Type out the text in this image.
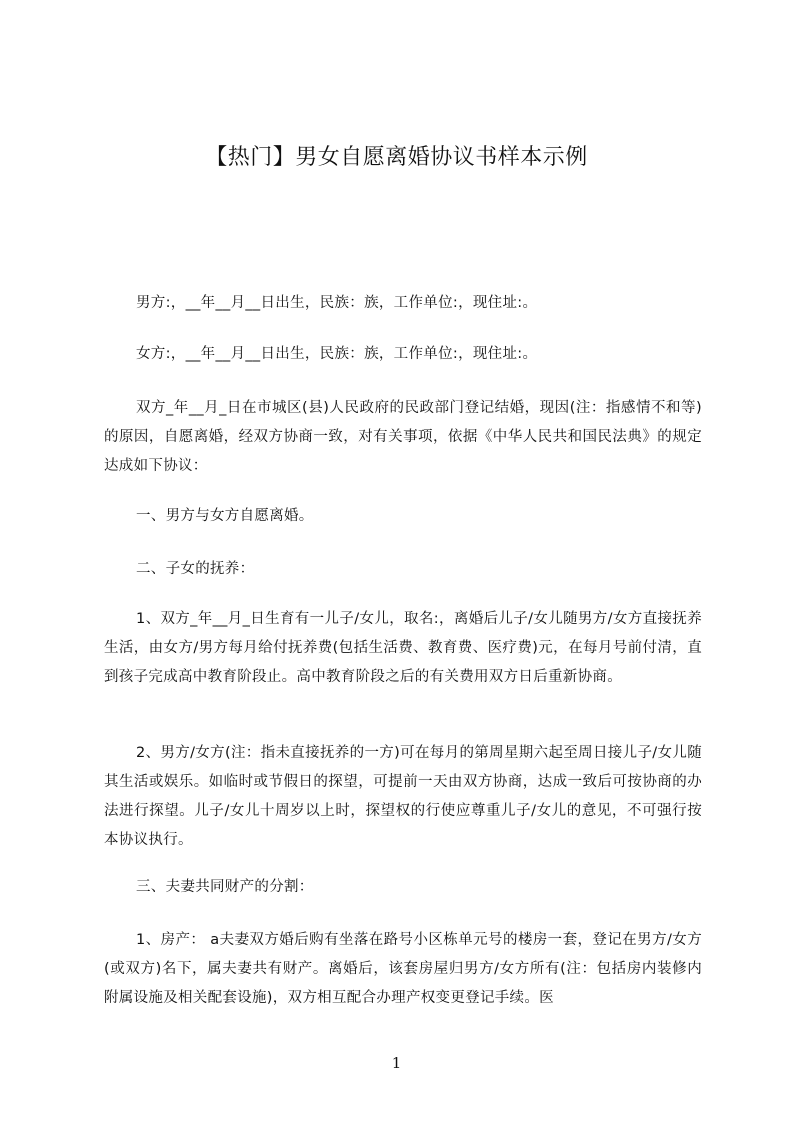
【热门】男女自愿离婚协议书样本示例

男方:，__年__月__日出生，民族：族，工作单位:，现住址:。

女方:，__年__月__日出生，民族：族，工作单位:，现住址:。

双方_年__月_日在市城区(县)人民政府的民政部门登记结婚，现因(注：指感情不和等)的原因，自愿离婚，经双方协商一致，对有关事项，依据《中华人民共和国民法典》的规定达成如下协议：

一、男方与女方自愿离婚。

二、子女的抚养：

1、双方_年__月_日生育有一儿子/女儿，取名:，离婚后儿子/女儿随男方/女方直接抚养生活，由女方/男方每月给付抚养费(包括生活费、教育费、医疗费)元，在每月号前付清，直到孩子完成高中教育阶段止。高中教育阶段之后的有关费用双方日后重新协商。

2、男方/女方(注：指未直接抚养的一方)可在每月的第周星期六起至周日接儿子/女儿随其生活或娱乐。如临时或节假日的探望，可提前一天由双方协商，达成一致后可按协商的办法进行探望。儿子/女儿十周岁以上时，探望权的行使应尊重儿子/女儿的意见，不可强行按本协议执行。

三、夫妻共同财产的分割：

1、房产： a夫妻双方婚后购有坐落在路号小区栋单元号的楼房一套，登记在男方/女方(或双方)名下，属夫妻共有财产。离婚后，该套房屋归男方/女方所有(注：包括房内装修内附属设施及相关配套设施)，双方相互配合办理产权变更登记手续。医

1
